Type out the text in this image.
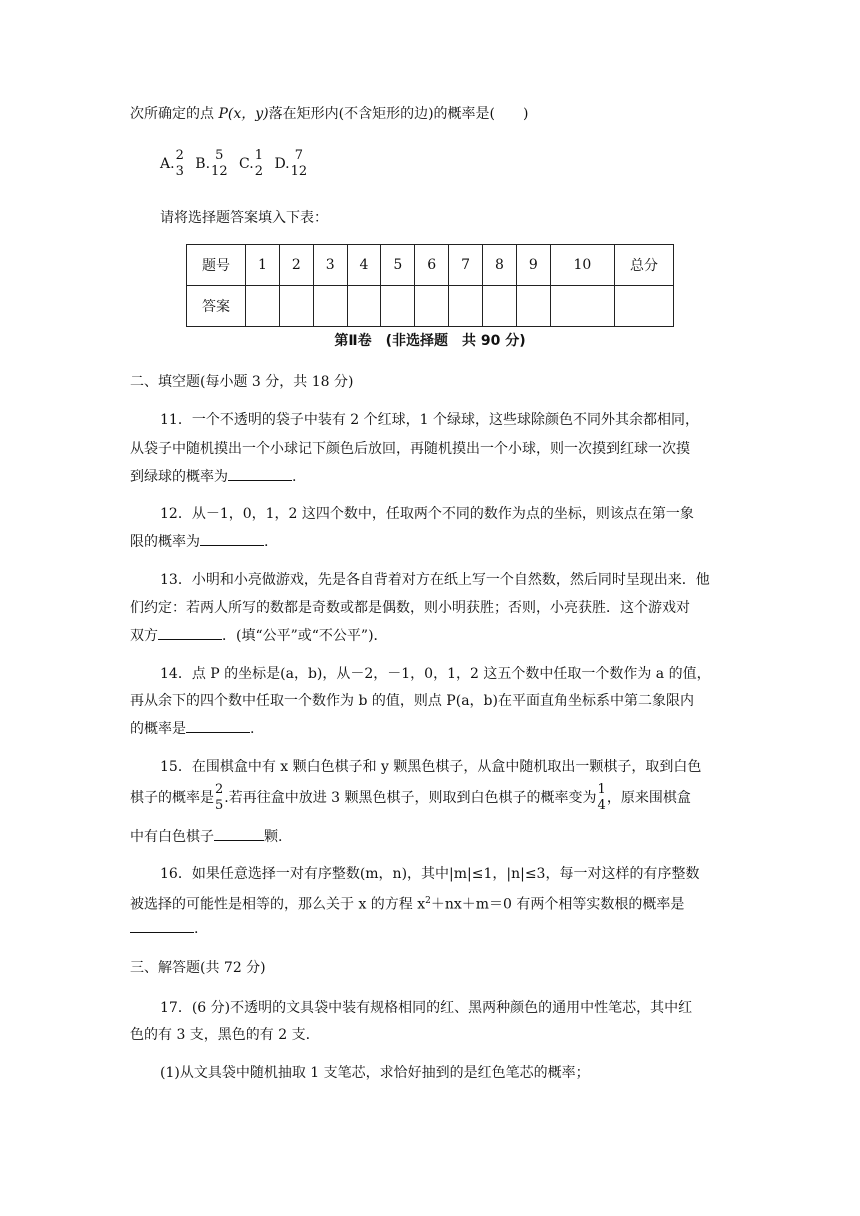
次所确定的点 P(x，y)落在矩形内(不含矩形的边)的概率是(　　)
A.
2
3 B.
5
12 C.
1
2 D.
7
12
请将选择题答案填入下表：
题号	1	2	3	4	5	6	7	8	9	10	总分
答案											
第Ⅱ卷　(非选择题　共 90 分)
二、填空题(每小题 3 分，共 18 分)
11．一个不透明的袋子中装有 2 个红球，1 个绿球，这些球除颜色不同外其余都相同，
从袋子中随机摸出一个小球记下颜色后放回，再随机摸出一个小球，则一次摸到红球一次摸
到绿球的概率为	.
12．从－1，0，1，2 这四个数中，任取两个不同的数作为点的坐标，则该点在第一象
限的概率为	.
13．小明和小亮做游戏，先是各自背着对方在纸上写一个自然数，然后同时呈现出来．他
们约定：若两人所写的数都是奇数或都是偶数，则小明获胜；否则，小亮获胜．这个游戏对
双方	．(填“公平”或“不公平”)．
14．点 P 的坐标是(a，b)，从－2，－1，0，1，2 这五个数中任取一个数作为 a 的值，
再从余下的四个数中任取一个数作为 b 的值，则点 P(a，b)在平面直角坐标系中第二象限内
的概率是	.
15．在围棋盒中有 x 颗白色棋子和 y 颗黑色棋子，从盒中随机取出一颗棋子，取到白色
棋子的概率是
2
5 .若再往盒中放进 3 颗黑色棋子，则取到白色棋子的概率变为
1
4 ，原来围棋盒
中有白色棋子	颗.
16．如果任意选择一对有序整数(m，n)，其中|m|≤1，|n|≤3，每一对这样的有序整数
被选择的可能性是相等的，那么关于 x 的方程 $x^2+nx+m=0$ 有两个相等实数根的概率是
.
三、解答题(共 72 分)
17．(6 分)不透明的文具袋中装有规格相同的红、黑两种颜色的通用中性笔芯，其中红
色的有 3 支，黑色的有 2 支.
(1)从文具袋中随机抽取 1 支笔芯，求恰好抽到的是红色笔芯的概率；
